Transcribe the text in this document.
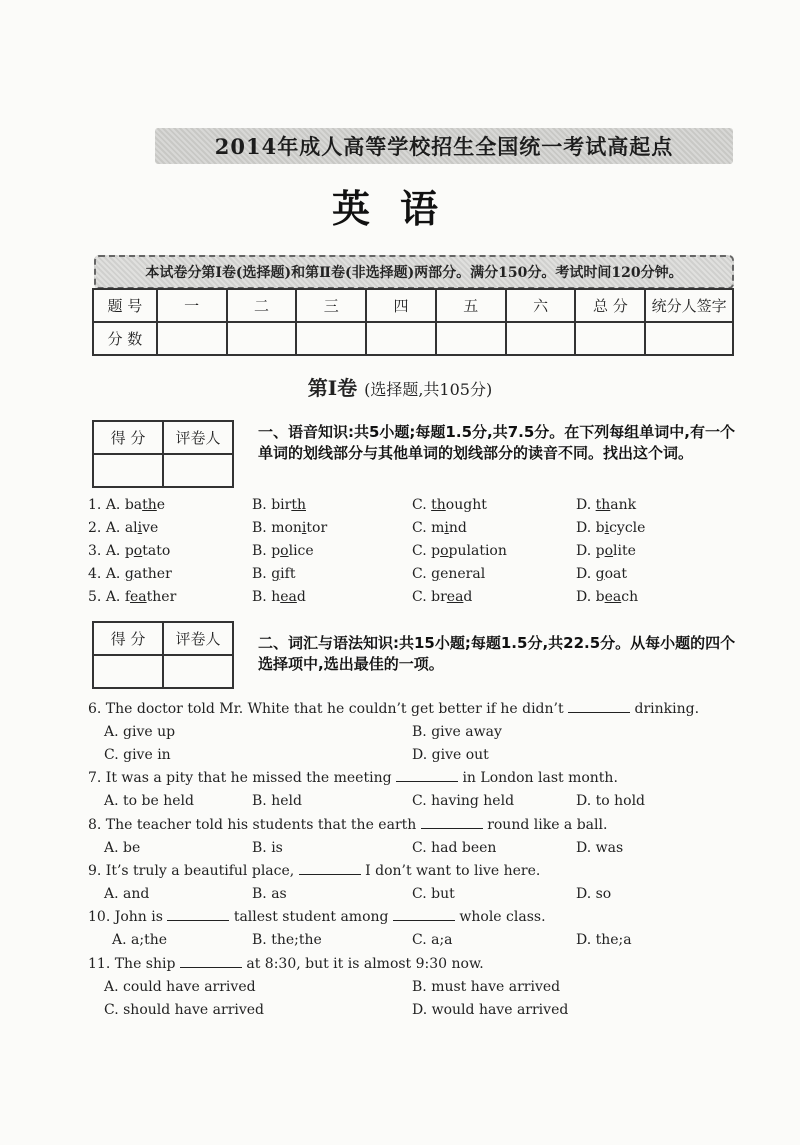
2014年成人高等学校招生全国统一考试高起点
英语
本试卷分第Ⅰ卷(选择题)和第Ⅱ卷(非选择题)两部分。满分150分。考试时间120分钟。
题 号	一	二	三	四	五	六	总 分	统分人签字
分 数								
第Ⅰ卷 (选择题,共105分)
得 分	评卷人
		一、语音知识:共5小题;每题1.5分,共7.5分。在下列每组单词中,有一个单词的划线部分与其他单词的划线部分的读音不同。找出这个词。
1. A. bathe	B. birth	C. thought	D. thank
2. A. alive	B. monitor	C. mind	D. bicycle
3. A. potato	B. police	C. population	D. polite
4. A. gather	B. gift	C. general	D. goat
5. A. feather	B. head	C. bread	D. beach
得 分	评卷人
		二、词汇与语法知识:共15小题;每题1.5分,共22.5分。从每小题的四个选择项中,选出最佳的一项。
6. The doctor told Mr. White that he couldn’t get better if he didn’t	drinking.
A. give up	B. give away
C. give in	D. give out
7. It was a pity that he missed the meeting	in London last month.
A. to be held	B. held	C. having held	D. to hold
8. The teacher told his students that the earth	round like a ball.
A. be	B. is	C. had been	D. was
9. It’s truly a beautiful place,	I don’t want to live here.
A. and	B. as	C. but	D. so
10. John is	tallest student among	whole class.
A. a;the	B. the;the	C. a;a	D. the;a
11. The ship	at 8:30, but it is almost 9:30 now.
A. could have arrived	B. must have arrived
C. should have arrived	D. would have arrived
